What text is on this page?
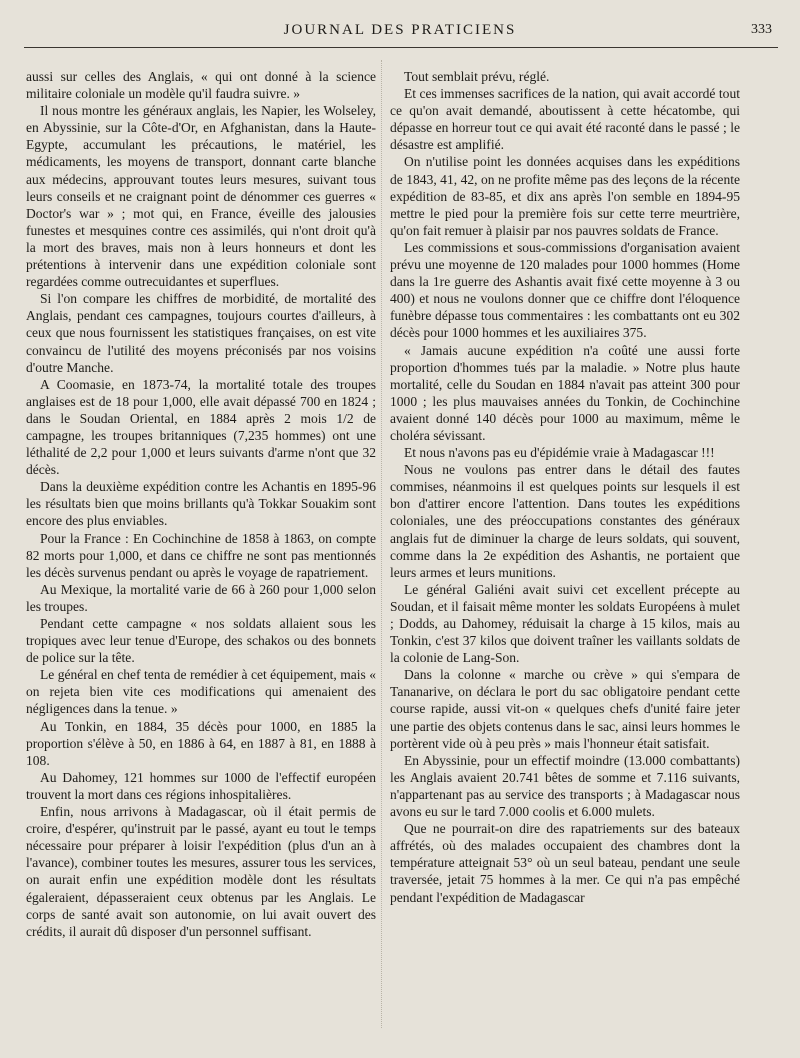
JOURNAL DES PRATICIENS	333

aussi sur celles des Anglais, « qui ont donné à la science militaire coloniale un modèle qu'il faudra suivre. »

Il nous montre les généraux anglais, les Napier, les Wolseley, en Abyssinie, sur la Côte-d'Or, en Afghanistan, dans la Haute-Egypte, accumulant les précautions, le matériel, les médicaments, les moyens de transport, donnant carte blanche aux médecins, approuvant toutes leurs mesures, suivant tous leurs conseils et ne craignant point de dénommer ces guerres « Doctor's war » ; mot qui, en France, éveille des jalousies funestes et mesquines contre ces assimilés, qui n'ont droit qu'à la mort des braves, mais non à leurs honneurs et dont les prétentions à intervenir dans une expédition coloniale sont regardées comme outrecuidantes et superflues.

Si l'on compare les chiffres de morbidité, de mortalité des Anglais, pendant ces campagnes, toujours courtes d'ailleurs, à ceux que nous fournissent les statistiques françaises, on est vite convaincu de l'utilité des moyens préconisés par nos voisins d'outre Manche.

A Coomasie, en 1873-74, la mortalité totale des troupes anglaises est de 18 pour 1,000, elle avait dépassé 700 en 1824 ; dans le Soudan Oriental, en 1884 après 2 mois 1/2 de campagne, les troupes britanniques (7,235 hommes) ont une léthalité de 2,2 pour 1,000 et leurs suivants d'arme n'ont que 32 décès.

Dans la deuxième expédition contre les Achantis en 1895-96 les résultats bien que moins brillants qu'à Tokkar Souakim sont encore des plus enviables.

Pour la France : En Cochinchine de 1858 à 1863, on compte 82 morts pour 1,000, et dans ce chiffre ne sont pas mentionnés les décès survenus pendant ou après le voyage de rapatriement.

Au Mexique, la mortalité varie de 66 à 260 pour 1,000 selon les troupes.

Pendant cette campagne « nos soldats allaient sous les tropiques avec leur tenue d'Europe, des schakos ou des bonnets de police sur la tête.

Le général en chef tenta de remédier à cet équipement, mais « on rejeta bien vite ces modifications qui amenaient des négligences dans la tenue. »

Au Tonkin, en 1884, 35 décès pour 1000, en 1885 la proportion s'élève à 50, en 1886 à 64, en 1887 à 81, en 1888 à 108.

Au Dahomey, 121 hommes sur 1000 de l'effectif européen trouvent la mort dans ces régions inhospitalières.

Enfin, nous arrivons à Madagascar, où il était permis de croire, d'espérer, qu'instruit par le passé, ayant eu tout le temps nécessaire pour préparer à loisir l'expédition (plus d'un an à l'avance), combiner toutes les mesures, assurer tous les services, on aurait enfin une expédition modèle dont les résultats égaleraient, dépasseraient ceux obtenus par les Anglais. Le corps de santé avait son autonomie, on lui avait ouvert des crédits, il aurait dû disposer d'un personnel suffisant.

Tout semblait prévu, réglé.

Et ces immenses sacrifices de la nation, qui avait accordé tout ce qu'on avait demandé, aboutissent à cette hécatombe, qui dépasse en horreur tout ce qui avait été raconté dans le passé ; le désastre est amplifié.

On n'utilise point les données acquises dans les expéditions de 1843, 41, 42, on ne profite même pas des leçons de la récente expédition de 83-85, et dix ans après l'on semble en 1894-95 mettre le pied pour la première fois sur cette terre meurtrière, qu'on fait remuer à plaisir par nos pauvres soldats de France.

Les commissions et sous-commissions d'organisation avaient prévu une moyenne de 120 malades pour 1000 hommes (Home dans la 1re guerre des Ashantis avait fixé cette moyenne à 3 ou 400) et nous ne voulons donner que ce chiffre dont l'éloquence funèbre dépasse tous commentaires : les combattants ont eu 302 décès pour 1000 hommes et les auxiliaires 375.

« Jamais aucune expédition n'a coûté une aussi forte proportion d'hommes tués par la maladie. » Notre plus haute mortalité, celle du Soudan en 1884 n'avait pas atteint 300 pour 1000 ; les plus mauvaises années du Tonkin, de Cochinchine avaient donné 140 décès pour 1000 au maximum, même le choléra sévissant.

Et nous n'avons pas eu d'épidémie vraie à Madagascar !!!

Nous ne voulons pas entrer dans le détail des fautes commises, néanmoins il est quelques points sur lesquels il est bon d'attirer encore l'attention. Dans toutes les expéditions coloniales, une des préoccupations constantes des généraux anglais fut de diminuer la charge de leurs soldats, qui souvent, comme dans la 2e expédition des Ashantis, ne portaient que leurs armes et leurs munitions.

Le général Galiéni avait suivi cet excellent précepte au Soudan, et il faisait même monter les soldats Européens à mulet ; Dodds, au Dahomey, réduisait la charge à 15 kilos, mais au Tonkin, c'est 37 kilos que doivent traîner les vaillants soldats de la colonie de Lang-Son.

Dans la colonne « marche ou crève » qui s'empara de Tananarive, on déclara le port du sac obligatoire pendant cette course rapide, aussi vit-on « quelques chefs d'unité faire jeter une partie des objets contenus dans le sac, ainsi leurs hommes le portèrent vide où à peu près » mais l'honneur était satisfait.

En Abyssinie, pour un effectif moindre (13.000 combattants) les Anglais avaient 20.741 bêtes de somme et 7.116 suivants, n'appartenant pas au service des transports ; à Madagascar nous avons eu sur le tard 7.000 coolis et 6.000 mulets.

Que ne pourrait-on dire des rapatriements sur des bateaux affrétés, où des malades occupaient des chambres dont la température atteignait 53° où un seul bateau, pendant une seule traversée, jetait 75 hommes à la mer. Ce qui n'a pas empêché pendant l'expédition de Madagascar
